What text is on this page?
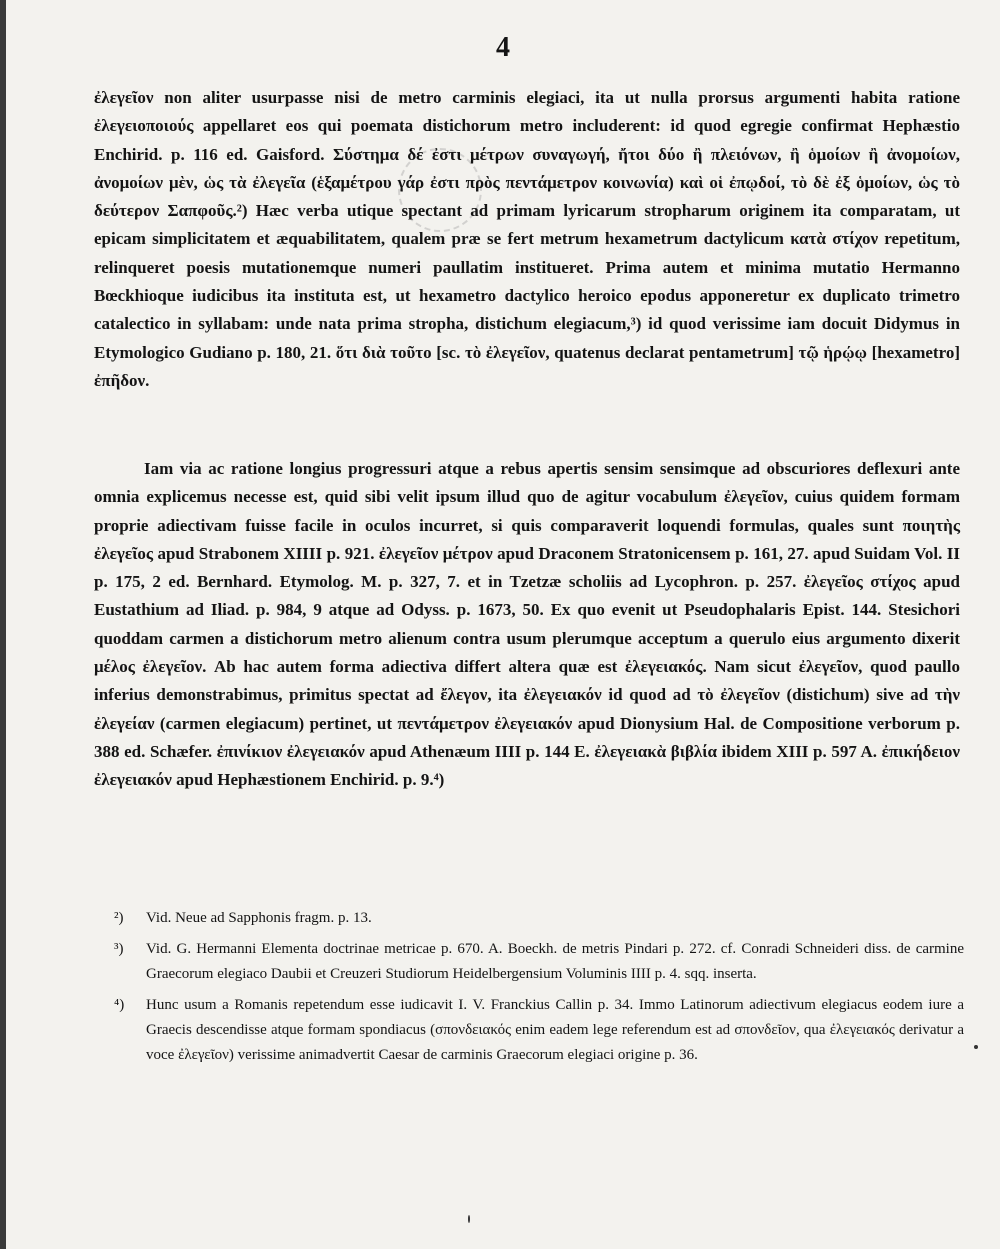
4

ἐλεγεῖον non aliter usurpasse nisi de metro carminis elegiaci, ita ut nulla prorsus argumenti habita ratione ἐλεγειοποιούς appellaret eos qui poemata distichorum metro includerent: id quod egregie confirmat Hephæstio Enchirid. p. 116 ed. Gaisford. Σύστημα δέ ἐστι μέτρων συναγωγή, ἤτοι δύο ἢ πλειόνων, ἢ ὁμοίων ἢ ἀνομοίων, ἀνομοίων μὲν, ὡς τὰ ἐλεγεῖα (ἑξαμέτρου γάρ ἐστι πρὸς πεντάμετρον κοινωνία) καὶ οἱ ἐπῳδοί, τὸ δὲ ἐξ ὁμοίων, ὡς τὸ δεύτερον Σαπφοῦς.²) Hæc verba utique spectant ad primam lyricarum stropharum originem ita comparatam, ut epicam simplicitatem et æquabilitatem, qualem præ se fert metrum hexametrum dactylicum κατὰ στίχον repetitum, relinqueret poesis mutationemque numeri paullatim institueret. Prima autem et minima mutatio Hermanno Bœckhioque iudicibus ita instituta est, ut hexametro dactylico heroico epodus apponeretur ex duplicato trimetro catalectico in syllabam: unde nata prima stropha, distichum elegiacum,³) id quod verissime iam docuit Didymus in Etymologico Gudiano p. 180, 21. ὅτι διὰ τοῦτο [sc. τὸ ἐλεγεῖον, quatenus declarat pentametrum] τῷ ἡρῴῳ [hexametro] ἐπῆδον.

Iam via ac ratione longius progressuri atque a rebus apertis sensim sensimque ad obscuriores deflexuri ante omnia explicemus necesse est, quid sibi velit ipsum illud quo de agitur vocabulum ἐλεγεῖον, cuius quidem formam proprie adiectivam fuisse facile in oculos incurret, si quis comparaverit loquendi formulas, quales sunt ποιητὴς ἐλεγεῖος apud Strabonem XIIII p. 921. ἐλεγεῖον μέτρον apud Draconem Stratonicensem p. 161, 27. apud Suidam Vol. II p. 175, 2 ed. Bernhard. Etymolog. M. p. 327, 7. et in Tzetzæ scholiis ad Lycophron. p. 257. ἐλεγεῖος στίχος apud Eustathium ad Iliad. p. 984, 9 atque ad Odyss. p. 1673, 50. Ex quo evenit ut Pseudophalaris Epist. 144. Stesichori quoddam carmen a distichorum metro alienum contra usum plerumque acceptum a querulo eius argumento dixerit μέλος ἐλεγεῖον. Ab hac autem forma adiectiva differt altera quæ est ἐλεγειακός. Nam sicut ἐλεγεῖον, quod paullo inferius demonstrabimus, primitus spectat ad ἔλεγον, ita ἐλεγειακόν id quod ad τὸ ἐλεγεῖον (distichum) sive ad τὴν ἐλεγείαν (carmen elegiacum) pertinet, ut πεντάμετρον ἐλεγειακόν apud Dionysium Hal. de Compositione verborum p. 388 ed. Schæfer. ἐπινίκιον ἐλεγειακόν apud Athenæum IIII p. 144 E. ἐλεγειακὰ βιβλία ibidem XIII p. 597 A. ἐπικήδειον ἐλεγειακόν apud Hephæstionem Enchirid. p. 9.⁴)

²)	Vid. Neue ad Sapphonis fragm. p. 13.
³)	Vid. G. Hermanni Elementa doctrinae metricae p. 670. A. Boeckh. de metris Pindari p. 272. cf. Conradi Schneideri diss. de carmine Graecorum elegiaco Daubii et Creuzeri Studiorum Heidelbergensium Voluminis IIII p. 4. sqq. inserta.
⁴)	Hunc usum a Romanis repetendum esse iudicavit I. V. Franckius Callin p. 34. Immo Latinorum adiectivum elegiacus eodem iure a Graecis descendisse atque formam spondiacus (σπονδειακός enim eadem lege referendum est ad σπονδεῖον, qua ἐλεγειακός derivatur a voce ἐλεγεῖον) verissime animadvertit Caesar de carminis Graecorum elegiaci origine p. 36.
